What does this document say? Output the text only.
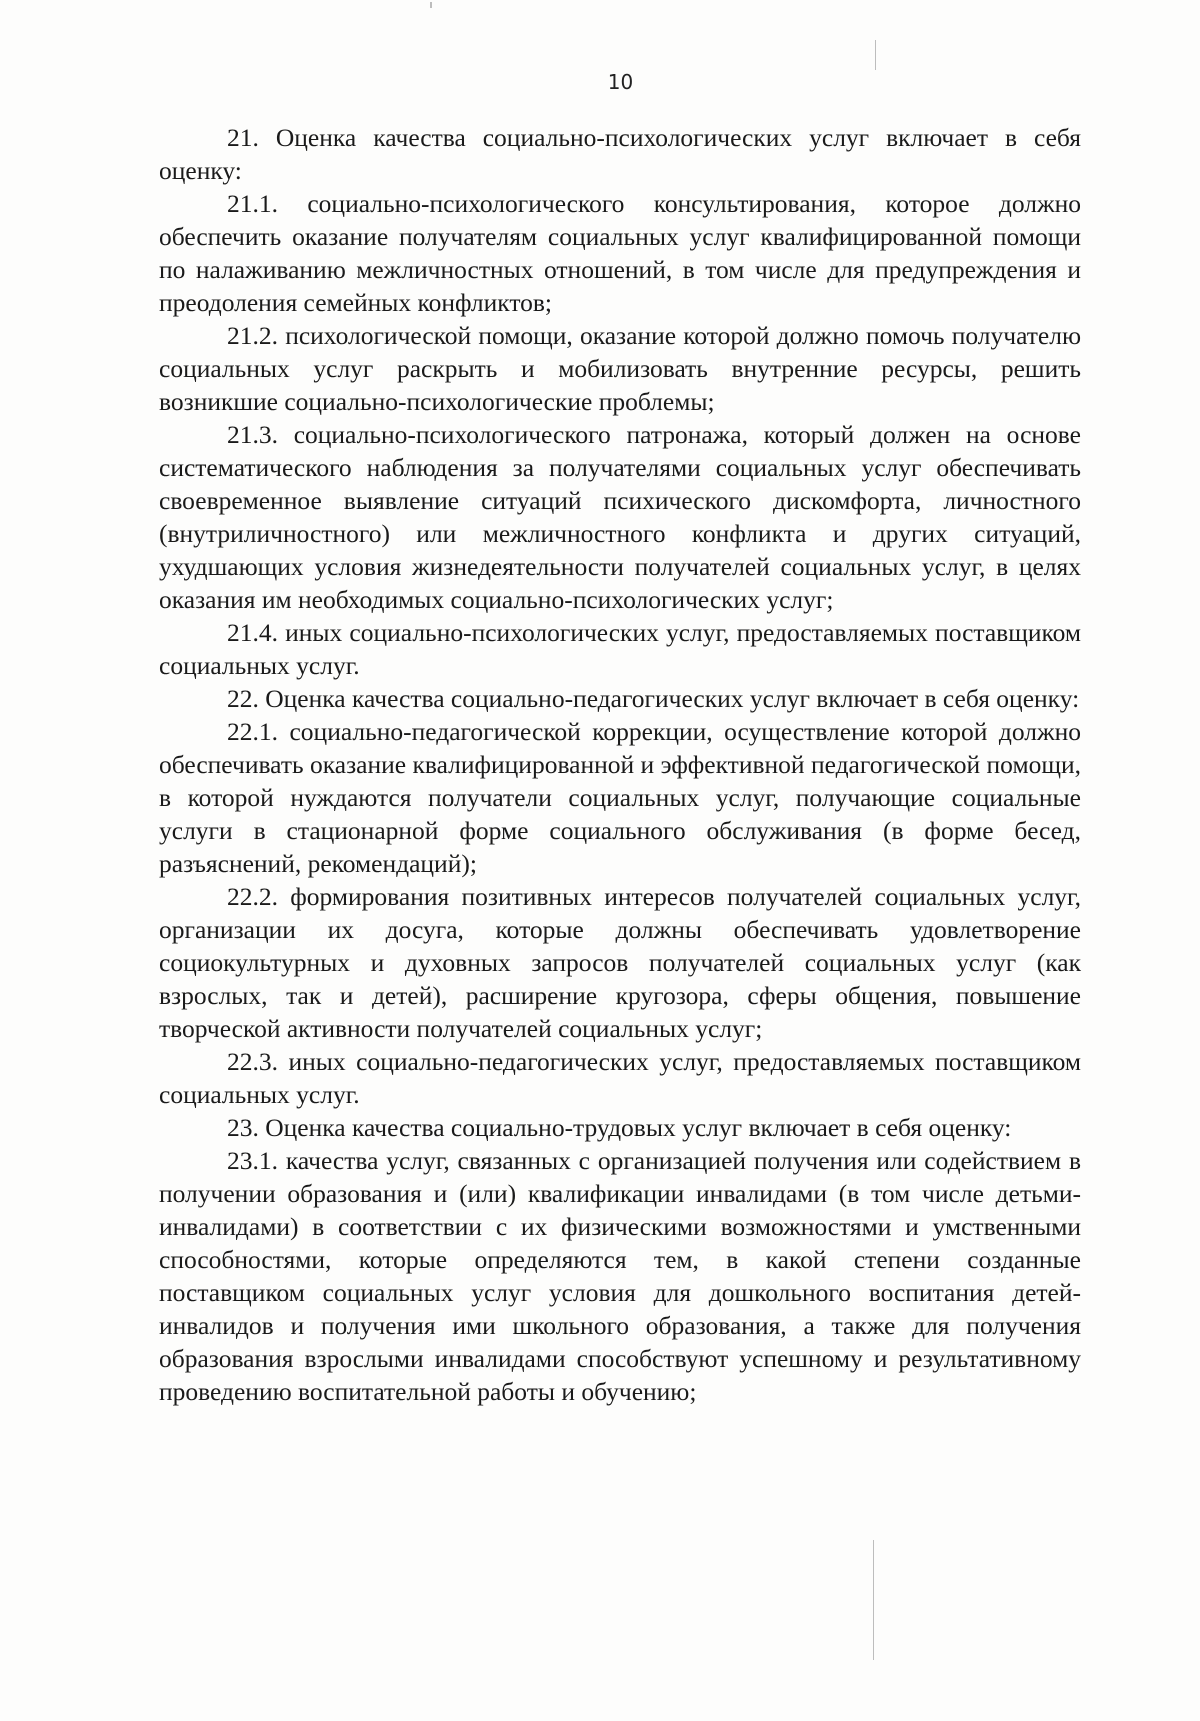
10

21. Оценка качества социально-психологических услуг включает в себя оценку:

21.1. социально-психологического консультирования, которое должно обеспечить оказание получателям социальных услуг квалифицированной помощи по налаживанию межличностных отношений, в том числе для предупреждения и преодоления семейных конфликтов;

21.2. психологической помощи, оказание которой должно помочь получателю социальных услуг раскрыть и мобилизовать внутренние ресурсы, решить возникшие социально-психологические проблемы;

21.3. социально-психологического патронажа, который должен на основе систематического наблюдения за получателями социальных услуг обеспечивать своевременное выявление ситуаций психического дискомфорта, личностного (внутриличностного) или межличностного конфликта и других ситуаций, ухудшающих условия жизнедеятельности получателей социальных услуг, в целях оказания им необходимых социально-психологических услуг;

21.4. иных социально-психологических услуг, предоставляемых поставщиком социальных услуг.

22. Оценка качества социально-педагогических услуг включает в себя оценку:

22.1. социально-педагогической коррекции, осуществление которой должно обеспечивать оказание квалифицированной и эффективной педагогической помощи, в которой нуждаются получатели социальных услуг, получающие социальные услуги в стационарной форме социального обслуживания (в форме бесед, разъяснений, рекомендаций);

22.2. формирования позитивных интересов получателей социальных услуг, организации их досуга, которые должны обеспечивать удовлетворение социокультурных и духовных запросов получателей социальных услуг (как взрослых, так и детей), расширение кругозора, сферы общения, повышение творческой активности получателей социальных услуг;

22.3. иных социально-педагогических услуг, предоставляемых поставщиком социальных услуг.

23. Оценка качества социально-трудовых услуг включает в себя оценку:

23.1. качества услуг, связанных с организацией получения или содействием в получении образования и (или) квалификации инвалидами (в том числе детьми-инвалидами) в соответствии с их физическими возможностями и умственными способностями, которые определяются тем, в какой степени созданные поставщиком социальных услуг условия для дошкольного воспитания детей-инвалидов и получения ими школьного образования, а также для получения образования взрослыми инвалидами способствуют успешному и результативному проведению воспитательной работы и обучению;
